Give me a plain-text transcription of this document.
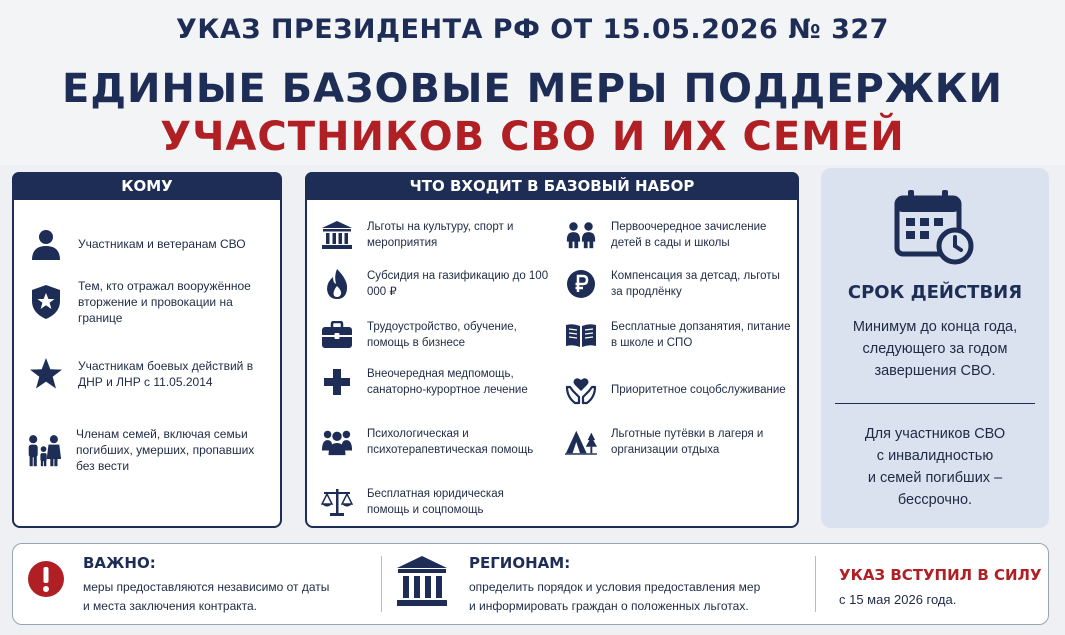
УКАЗ ПРЕЗИДЕНТА РФ ОТ 15.05.2026 № 327
ЕДИНЫЕ БАЗОВЫЕ МЕРЫ ПОДДЕРЖКИ
УЧАСТНИКОВ СВО И ИХ СЕМЕЙ
КОМУ
Участникам и ветеранам СВО
Тем, кто отражал вооружённое вторжение и провокации на границе
Участникам боевых действий в ДНР и ЛНР с 11.05.2014
Членам семей, включая семьи погибших, умерших, пропавших без вести
ЧТО ВХОДИТ В БАЗОВЫЙ НАБОР
Льготы на культуру, спорт и мероприятия
Субсидия на газификацию до 100 000 ₽
Трудоустройство, обучение, помощь в бизнесе
Внеочередная медпомощь, санаторно-курортное лечение
Психологическая и психотерапевтическая помощь
Бесплатная юридическая помощь и соцпомощь
Первоочередное зачисление детей в сады и школы
Компенсация за детсад, льготы за продлёнку
Бесплатные допзанятия, питание в школе и СПО
Приоритетное соцобслуживание
Льготные путёвки в лагеря и организации отдыха
СРОК ДЕЙСТВИЯ
Минимум до конца года,
следующего за годом
завершения СВО.
Для участников СВО
с инвалидностью
и семей погибших –
бессрочно.
ВАЖНО:
меры предоставляются независимо от даты
и места заключения контракта.
РЕГИОНАМ:
определить порядок и условия предоставления мер
и информировать граждан о положенных льготах.
УКАЗ ВСТУПИЛ В СИЛУ
с 15 мая 2026 года.
